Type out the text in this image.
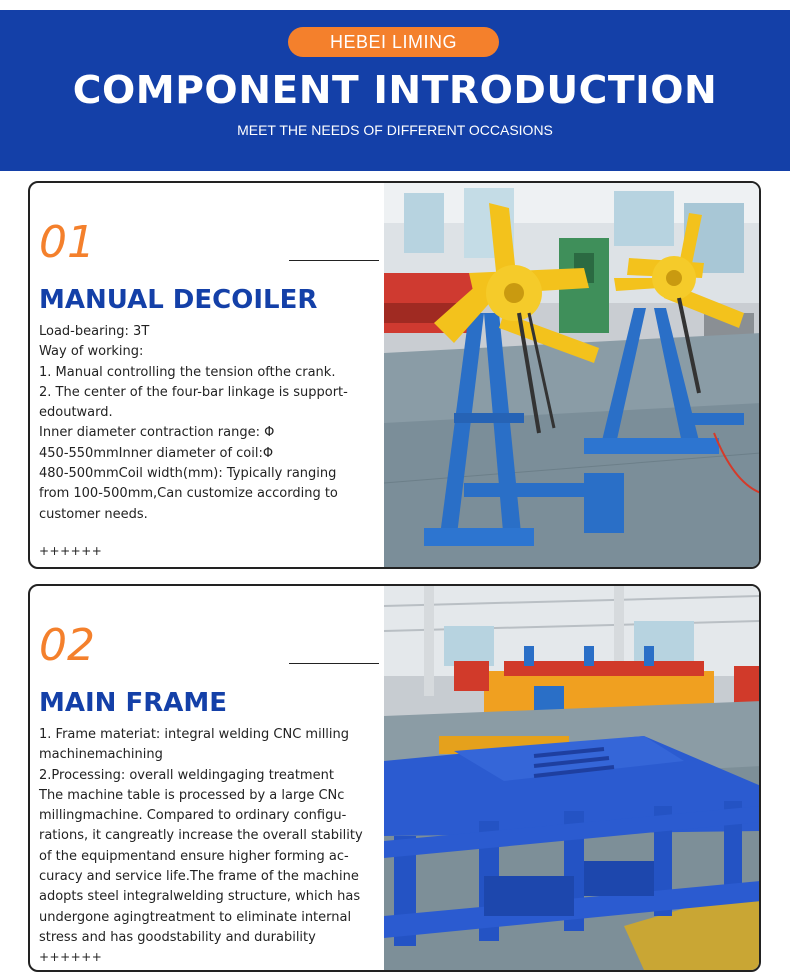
HEBEI LIMING
COMPONENT INTRODUCTION
MEET THE NEEDS OF DIFFERENT OCCASIONS
01
MANUAL DECOILER
Load-bearing: 3T
Way of working:
1. Manual controlling the tension ofthe crank.
2. The center of the four-bar linkage is support-
edoutward.
Inner diameter contraction range: Φ
450-550mmInner diameter of coil:Φ
480-500mmCoil width(mm): Typically ranging
from 100-500mm,Can customize according to
customer needs.
++++++
02
MAIN FRAME
1. Frame materiat: integral welding CNC milling
machinemachining
2.Processing: overall weldingaging treatment
The machine table is processed by a large CNc
millingmachine. Compared to ordinary configu-
rations, it cangreatly increase the overall stability
of the equipmentand ensure higher forming ac-
curacy and service life.The frame of the machine
adopts steel integralwelding structure, which has
undergone agingtreatment to eliminate internal
stress and has goodstability and durability
++++++
